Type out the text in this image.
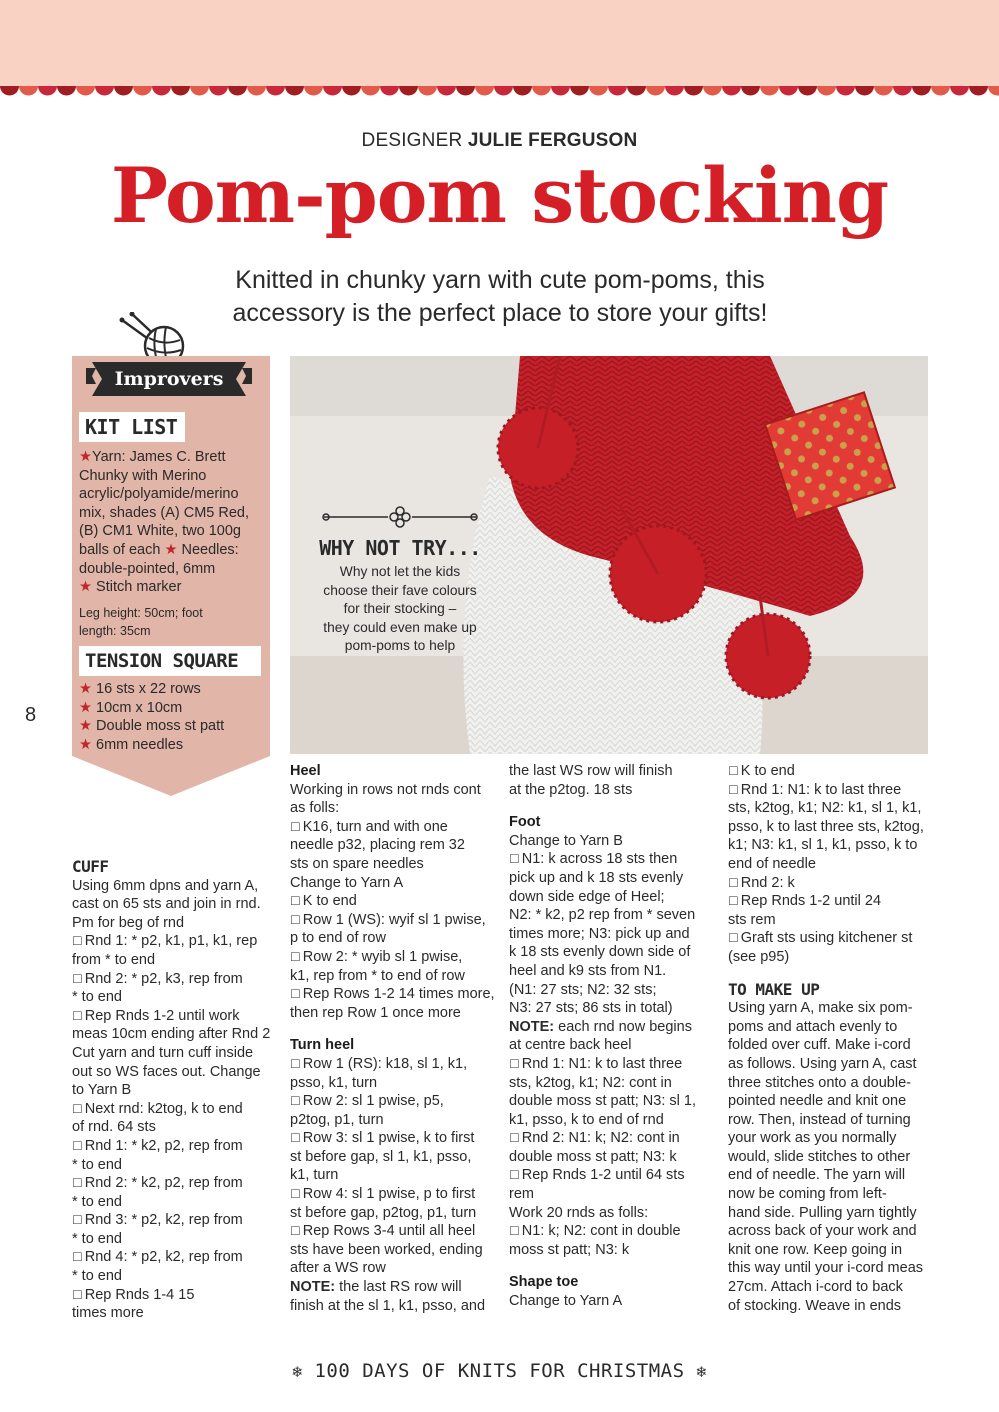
DESIGNER JULIE FERGUSON
Pom-pom stocking
Knitted in chunky yarn with cute pom-poms, this
accessory is the perfect place to store your gifts!
Improvers
KIT LIST
★Yarn: James C. Brett
Chunky with Merino
acrylic/polyamide/merino
mix, shades (A) CM5 Red,
(B) CM1 White, two 100g
balls of each ★ Needles:
double-pointed, 6mm
★ Stitch marker
Leg height: 50cm; foot
length: 35cm
TENSION SQUARE
★ 16 sts x 22 rows
★ 10cm x 10cm
★ Double moss st patt
★ 6mm needles
8
WHY NOT TRY...
Why not let the kids
choose their fave colours
for their stocking –
they could even make up
pom-poms to help

CUFF

Using 6mm dpns and yarn A,

cast on 65 sts and join in rnd.

Pm for beg of rnd

☐ Rnd 1: * p2, k1, p1, k1, rep

from * to end

☐ Rnd 2: * p2, k3, rep from

* to end

☐ Rep Rnds 1-2 until work

meas 10cm ending after Rnd 2

Cut yarn and turn cuff inside

out so WS faces out. Change

to Yarn B

☐ Next rnd: k2tog, k to end

of rnd. 64 sts

☐ Rnd 1: * k2, p2, rep from

* to end

☐ Rnd 2: * k2, p2, rep from

* to end

☐ Rnd 3: * p2, k2, rep from

* to end

☐ Rnd 4: * p2, k2, rep from

* to end

☐ Rep Rnds 1-4 15

times more

Heel

Working in rows not rnds cont

as folls:

☐ K16, turn and with one

needle p32, placing rem 32

sts on spare needles

Change to Yarn A

☐ K to end

☐ Row 1 (WS): wyif sl 1 pwise,

p to end of row

☐ Row 2: * wyib sl 1 pwise,

k1, rep from * to end of row

☐ Rep Rows 1-2 14 times more,

then rep Row 1 once more

Turn heel

☐ Row 1 (RS): k18, sl 1, k1,

psso, k1, turn

☐ Row 2: sl 1 pwise, p5,

p2tog, p1, turn

☐ Row 3: sl 1 pwise, k to first

st before gap, sl 1, k1, psso,

k1, turn

☐ Row 4: sl 1 pwise, p to first

st before gap, p2tog, p1, turn

☐ Rep Rows 3-4 until all heel

sts have been worked, ending

after a WS row

NOTE: the last RS row will

finish at the sl 1, k1, psso, and

the last WS row will finish

at the p2tog. 18 sts

Foot

Change to Yarn B

☐ N1: k across 18 sts then

pick up and k 18 sts evenly

down side edge of Heel;

N2: * k2, p2 rep from * seven

times more; N3: pick up and

k 18 sts evenly down side of

heel and k9 sts from N1.

(N1: 27 sts; N2: 32 sts;

N3: 27 sts; 86 sts in total)

NOTE: each rnd now begins

at centre back heel

☐ Rnd 1: N1: k to last three

sts, k2tog, k1; N2: cont in

double moss st patt; N3: sl 1,

k1, psso, k to end of rnd

☐ Rnd 2: N1: k; N2: cont in

double moss st patt; N3: k

☐ Rep Rnds 1-2 until 64 sts

rem

Work 20 rnds as folls:

☐ N1: k; N2: cont in double

moss st patt; N3: k

Shape toe

Change to Yarn A

☐ K to end

☐ Rnd 1: N1: k to last three

sts, k2tog, k1; N2: k1, sl 1, k1,

psso, k to last three sts, k2tog,

k1; N3: k1, sl 1, k1, psso, k to

end of needle

☐ Rnd 2: k

☐ Rep Rnds 1-2 until 24

sts rem

☐ Graft sts using kitchener st

(see p95)

TO MAKE UP

Using yarn A, make six pom-

poms and attach evenly to

folded over cuff. Make i-cord

as follows. Using yarn A, cast

three stitches onto a double-

pointed needle and knit one

row. Then, instead of turning

your work as you normally

would, slide stitches to other

end of needle. The yarn will

now be coming from left-

hand side. Pulling yarn tightly

across back of your work and

knit one row. Keep going in

this way until your i-cord meas

27cm. Attach i-cord to back

of stocking. Weave in ends

❄ 100 DAYS OF KNITS FOR CHRISTMAS ❄
